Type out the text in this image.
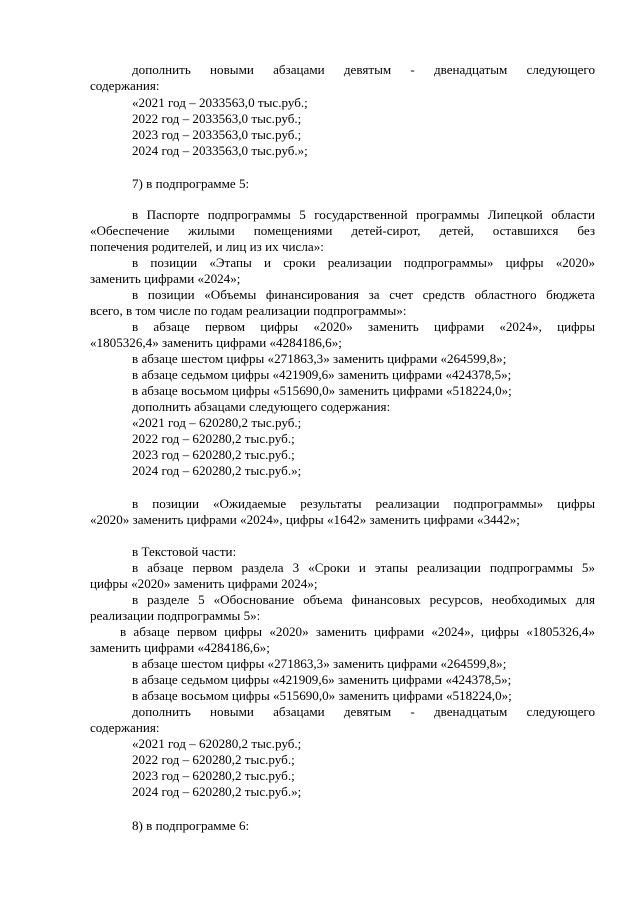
дополнить новыми абзацами девятым - двенадцатым следующего
содержания:
«2021 год – 2033563,0 тыс.руб.;
2022 год – 2033563,0 тыс.руб.;
2023 год – 2033563,0 тыс.руб.;
2024 год – 2033563,0 тыс.руб.»;
7) в подпрограмме 5:
в Паспорте подпрограммы 5 государственной программы Липецкой области
«Обеспечение жилыми помещениями детей-сирот, детей, оставшихся без
попечения родителей, и лиц из их числа»:
в позиции «Этапы и сроки реализации подпрограммы» цифры «2020»
заменить цифрами «2024»;
в позиции «Объемы финансирования за счет средств областного бюджета
всего, в том числе по годам реализации подпрограммы»:
в абзаце первом цифры «2020» заменить цифрами «2024», цифры
«1805326,4» заменить цифрами «4284186,6»;
в абзаце шестом цифры «271863,3» заменить цифрами «264599,8»;
в абзаце седьмом цифры «421909,6» заменить цифрами «424378,5»;
в абзаце восьмом цифры «515690,0» заменить цифрами «518224,0»;
дополнить абзацами следующего содержания:
«2021 год – 620280,2 тыс.руб.;
2022 год – 620280,2 тыс.руб.;
2023 год – 620280,2 тыс.руб.;
2024 год – 620280,2 тыс.руб.»;
в позиции «Ожидаемые результаты реализации подпрограммы» цифры
«2020» заменить цифрами «2024», цифры «1642» заменить цифрами «3442»;
в Текстовой части:
в абзаце первом раздела 3 «Сроки и этапы реализации подпрограммы 5»
цифры «2020» заменить цифрами 2024»;
в разделе 5 «Обоснование объема финансовых ресурсов, необходимых для
реализации подпрограммы 5»:
в абзаце первом цифры «2020» заменить цифрами «2024», цифры «1805326,4»
заменить цифрами «4284186,6»;
в абзаце шестом цифры «271863,3» заменить цифрами «264599,8»;
в абзаце седьмом цифры «421909,6» заменить цифрами «424378,5»;
в абзаце восьмом цифры «515690,0» заменить цифрами «518224,0»;
дополнить новыми абзацами девятым - двенадцатым следующего
содержания:
«2021 год – 620280,2 тыс.руб.;
2022 год – 620280,2 тыс.руб.;
2023 год – 620280,2 тыс.руб.;
2024 год – 620280,2 тыс.руб.»;
8) в подпрограмме 6:
